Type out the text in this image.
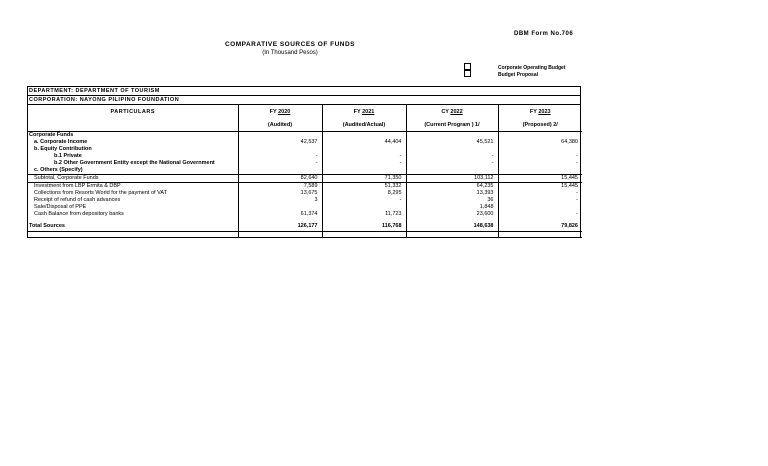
DBM Form No.706
COMPARATIVE SOURCES OF FUNDS
(In Thousand Pesos)
Corporate Operating Budget
Budget Proposal
DEPARTMENT: DEPARTMENT OF TOURISM
CORPORATION: NAYONG PILIPINO FOUNDATION
PARTICULARS	FY 2020	FY 2021	CY 2022	FY 2023
	(Audited)	(Audited/Actual)	(Current Program ) 1/	(Proposed) 2/
Corporate Funds				
a. Corporate Income	42,537	44,404	45,521	64,380
b. Equity Contribution				
b.1 Private	-	-	-	-
b.2 Other Government Entity except the National Government	-	-	-	-
c. Others (Specify)				
Subtotal, Corporate Funds	82,640	71,350	103,112	15,445
Investment from LBP Ermita & DBP	7,589	51,332	64,235	15,445
Collections from Resorts World for the payment of VAT	13,675	8,295	13,393	-
Receipt of refund of cash advances	3	-	36	-
Sale/Disposal of PPE			1,848	
Cash Balance from depository banks	61,374	11,723	23,600	-

Total Sources	126,177	116,768	148,638	79,826
